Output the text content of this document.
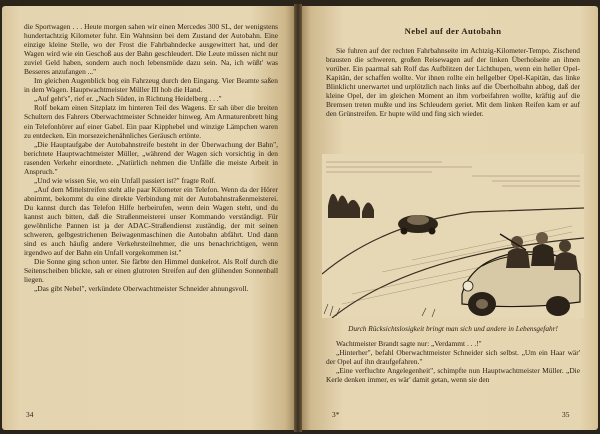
die Sportwagen . . . Heute morgen sahen wir einen Mercedes 300 SL, der wenigstens hundertachtzig Kilometer fuhr. Ein Wahnsinn bei dem Zustand der Autobahn. Eine einzige kleine Stelle, wo der Frost die Fahrbahndecke ausgewittert hat, und der Wagen wird wie ein Geschoß aus der Bahn geschleudert. Die Leute müssen nicht nur zuviel Geld haben, sondern auch noch lebensmüde dazu sein. Na, ich wüßt' was Besseres anzufangen ..."

Im gleichen Augenblick bog ein Fahrzeug durch den Eingang. Vier Beamte saßen in dem Wagen. Hauptwachtmeister Müller III hob die Hand.

„Auf geht's", rief er. „Nach Süden, in Richtung Heidelberg . . ."

Rolf bekam einen Sitzplatz im hinteren Teil des Wagens. Er sah über die breiten Schultern des Fahrers Oberwachtmeister Schneider hinweg. Am Armaturenbrett hing ein Telefonhörer auf einer Gabel. Ein paar Kipphebel und winzige Lämpchen waren zu entdecken. Ein morsezeichenähnliches Geräusch ertönte.

„Die Hauptaufgabe der Autobahnstreife besteht in der Überwachung der Bahn", berichtete Hauptwachtmeister Müller, „während der Wagen sich vorsichtig in den rasenden Verkehr einordnete. „Natürlich nehmen die Unfälle die meiste Arbeit in Anspruch."

„Und wie wissen Sie, wo ein Unfall passiert ist?" fragte Rolf.

„Auf dem Mittelstreifen steht alle paar Kilometer ein Telefon. Wenn da der Hörer abnimmt, bekommt du eine direkte Verbindung mit der Autobahnstraßenmeisterei. Du kannst durch das Telefon Hilfe herbeirufen, wenn dein Wagen steht, und du kannst auch bitten, daß die Straßenmeisterei unser Kommando verständigt. Für gewöhnliche Pannen ist ja der ADAC-Straßendienst zuständig, der mit seinen schweren, gelbgestrichenen Beiwagenmaschinen die Autobahn abfährt. Und dann sind es auch häufig andere Verkehrsteilnehmer, die uns benachrichtigen, wenn irgendwo auf der Bahn ein Unfall vorgekommen ist."

Die Sonne ging schon unter. Sie färbte den Himmel dunkelrot. Als Rolf durch die Seitenscheiben blickte, sah er einen glutroten Streifen auf den glühenden Sonnenball liegen.

„Das gibt Nebel", verkündete Oberwachtmeister Schneider ahnungsvoll.

34
Nebel auf der Autobahn

Sie fuhren auf der rechten Fahrbahnseite im Achtzig-Kilometer-Tempo. Zischend brausten die schweren, großen Reisewagen auf der linken Überholseite an ihnen vorüber. Ein paarmal sah Rolf das Aufblitzen der Lichthupen, wenn ein heller Opel-Kapitän, der schaffen wollte. Vor ihnen rollte ein hellgelber Opel-Kapitän, das linke Blinklicht unerwartet und urplötzlich nach links auf die Überholbahn abbog, daß der kleine Opel, der im gleichen Moment an ihm vorbeifahren wollte, kräftig auf die Bremsen treten mußte und ins Schleudern geriet. Mit dem linken Reifen kam er auf den Grünstreifen. Er hupte wild und fing sich wieder.

Durch Rücksichtslosigkeit bringt man sich und andere in Lebensgefahr!

Wachtmeister Brandt sagte nur: „Verdammt . . .!"

„Hinterher", befahl Oberwachtmeister Schneider sich selbst. „Um ein Haar wär' der Opel auf ihn draufgefahren."

„Eine verfluchte Angelegenheit", schimpfte nun Hauptwachtmeister Müller. „Die Kerle denken immer, es wär' damit getan, wenn sie den

3*	35
